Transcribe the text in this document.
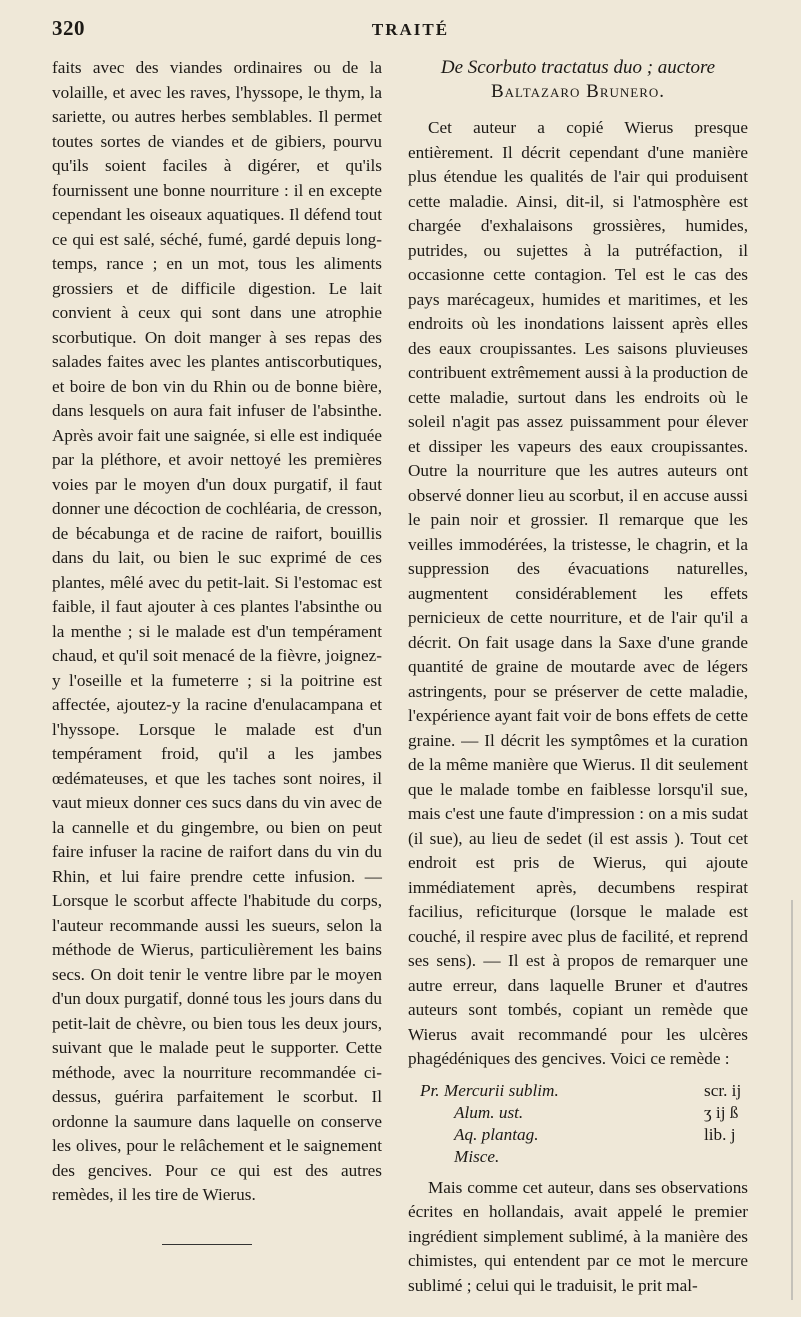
320	TRAITÉ

faits avec des viandes ordinaires ou de la volaille, et avec les raves, l'hyssope, le thym, la sariette, ou autres herbes semblables. Il permet toutes sortes de viandes et de gibiers, pourvu qu'ils soient faciles à digérer, et qu'ils fournissent une bonne nourriture : il en excepte cependant les oiseaux aquatiques. Il défend tout ce qui est salé, séché, fumé, gardé depuis long-temps, rance ; en un mot, tous les aliments grossiers et de difficile digestion. Le lait convient à ceux qui sont dans une atrophie scorbutique. On doit manger à ses repas des salades faites avec les plantes antiscorbutiques, et boire de bon vin du Rhin ou de bonne bière, dans lesquels on aura fait infuser de l'absinthe. Après avoir fait une saignée, si elle est indiquée par la pléthore, et avoir nettoyé les premières voies par le moyen d'un doux purgatif, il faut donner une décoction de cochléaria, de cresson, de bécabunga et de racine de raifort, bouillis dans du lait, ou bien le suc exprimé de ces plantes, mêlé avec du petit-lait. Si l'estomac est faible, il faut ajouter à ces plantes l'absinthe ou la menthe ; si le malade est d'un tempérament chaud, et qu'il soit menacé de la fièvre, joignez-y l'oseille et la fumeterre ; si la poitrine est affectée, ajoutez-y la racine d'enulacampana et l'hyssope. Lorsque le malade est d'un tempérament froid, qu'il a les jambes œdémateuses, et que les taches sont noires, il vaut mieux donner ces sucs dans du vin avec de la cannelle et du gingembre, ou bien on peut faire infuser la racine de raifort dans du vin du Rhin, et lui faire prendre cette infusion. — Lorsque le scorbut affecte l'habitude du corps, l'auteur recommande aussi les sueurs, selon la méthode de Wierus, particulièrement les bains secs. On doit tenir le ventre libre par le moyen d'un doux purgatif, donné tous les jours dans du petit-lait de chèvre, ou bien tous les deux jours, suivant que le malade peut le supporter. Cette méthode, avec la nourriture recommandée ci-dessus, guérira parfaitement le scorbut. Il ordonne la saumure dans laquelle on conserve les olives, pour le relâchement et le saignement des gencives. Pour ce qui est des autres remèdes, il les tire de Wierus.

De Scorbuto tractatus duo ; auctore
Baltazaro Brunero.

Cet auteur a copié Wierus presque entièrement. Il décrit cependant d'une manière plus étendue les qualités de l'air qui produisent cette maladie. Ainsi, dit-il, si l'atmosphère est chargée d'exhalaisons grossières, humides, putrides, ou sujettes à la putréfaction, il occasionne cette contagion. Tel est le cas des pays marécageux, humides et maritimes, et les endroits où les inondations laissent après elles des eaux croupissantes. Les saisons pluvieuses contribuent extrêmement aussi à la production de cette maladie, surtout dans les endroits où le soleil n'agit pas assez puissamment pour élever et dissiper les vapeurs des eaux croupissantes. Outre la nourriture que les autres auteurs ont observé donner lieu au scorbut, il en accuse aussi le pain noir et grossier. Il remarque que les veilles immodérées, la tristesse, le chagrin, et la suppression des évacuations naturelles, augmentent considérablement les effets pernicieux de cette nourriture, et de l'air qu'il a décrit. On fait usage dans la Saxe d'une grande quantité de graine de moutarde avec de légers astringents, pour se préserver de cette maladie, l'expérience ayant fait voir de bons effets de cette graine. — Il décrit les symptômes et la curation de la même manière que Wierus. Il dit seulement que le malade tombe en faiblesse lorsqu'il sue, mais c'est une faute d'impression : on a mis sudat (il sue), au lieu de sedet (il est assis ). Tout cet endroit est pris de Wierus, qui ajoute immédiatement après, decumbens respirat facilius, reficiturque (lorsque le malade est couché, il respire avec plus de facilité, et reprend ses sens). — Il est à propos de remarquer une autre erreur, dans laquelle Bruner et d'autres auteurs sont tombés, copiant un remède que Wierus avait recommandé pour les ulcères phagédéniques des gencives. Voici ce remède :

Pr. Mercurii sublim.	scr. ij
Alum. ust.	ʒ ij ß
Aq. plantag.	lib. j
Misce.

Mais comme cet auteur, dans ses observations écrites en hollandais, avait appelé le premier ingrédient simplement sublimé, à la manière des chimistes, qui entendent par ce mot le mercure sublimé ; celui qui le traduisit, le prit mal-
